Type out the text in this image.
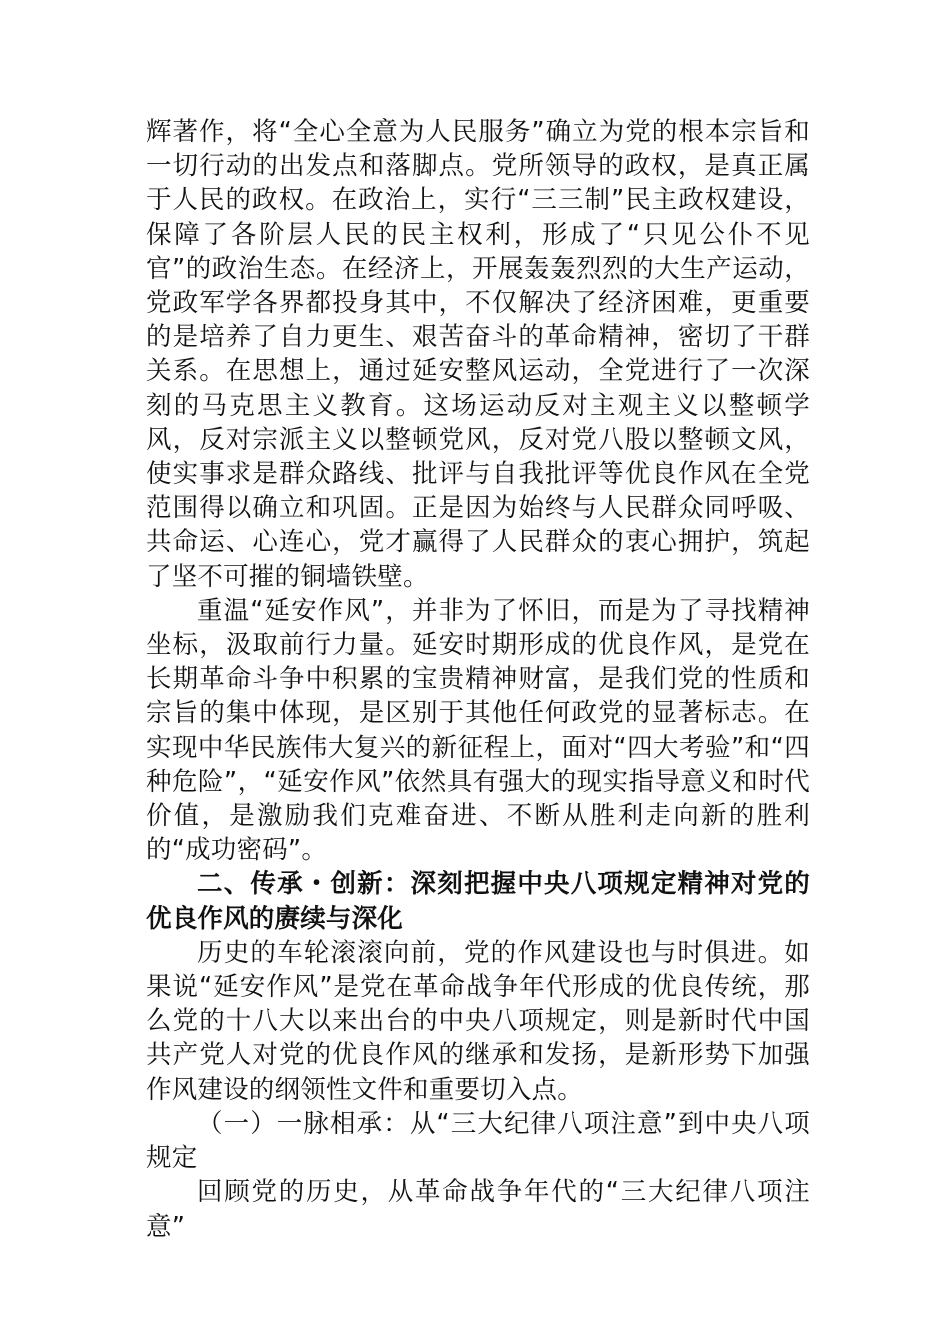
辉著作，将“全心全意为人民服务”确立为党的根本宗旨和一切行动的出发点和落脚点。党所领导的政权，是真正属于人民的政权。在政治上，实行“三三制”民主政权建设，保障了各阶层人民的民主权利，形成了“只见公仆不见官”的政治生态。在经济上，开展轰轰烈烈的大生产运动，党政军学各界都投身其中，不仅解决了经济困难，更重要的是培养了自力更生、艰苦奋斗的革命精神，密切了干群关系。在思想上，通过延安整风运动，全党进行了一次深刻的马克思主义教育。这场运动反对主观主义以整顿学风，反对宗派主义以整顿党风，反对党八股以整顿文风，使实事求是群众路线、批评与自我批评等优良作风在全党范围得以确立和巩固。正是因为始终与人民群众同呼吸、共命运、心连心，党才赢得了人民群众的衷心拥护，筑起了坚不可摧的铜墙铁壁。

重温“延安作风”，并非为了怀旧，而是为了寻找精神坐标，汲取前行力量。延安时期形成的优良作风，是党在长期革命斗争中积累的宝贵精神财富，是我们党的性质和宗旨的集中体现，是区别于其他任何政党的显著标志。在实现中华民族伟大复兴的新征程上，面对“四大考验”和“四种危险”，“延安作风”依然具有强大的现实指导意义和时代价值，是激励我们克难奋进、不断从胜利走向新的胜利的“成功密码”。

二、传承・创新：深刻把握中央八项规定精神对党的优良作风的赓续与深化

历史的车轮滚滚向前，党的作风建设也与时俱进。如果说“延安作风”是党在革命战争年代形成的优良传统，那么党的十八大以来出台的中央八项规定，则是新时代中国共产党人对党的优良作风的继承和发扬，是新形势下加强作风建设的纲领性文件和重要切入点。

（一）一脉相承：从“三大纪律八项注意”到中央八项规定

回顾党的历史，从革命战争年代的“三大纪律八项注意”
